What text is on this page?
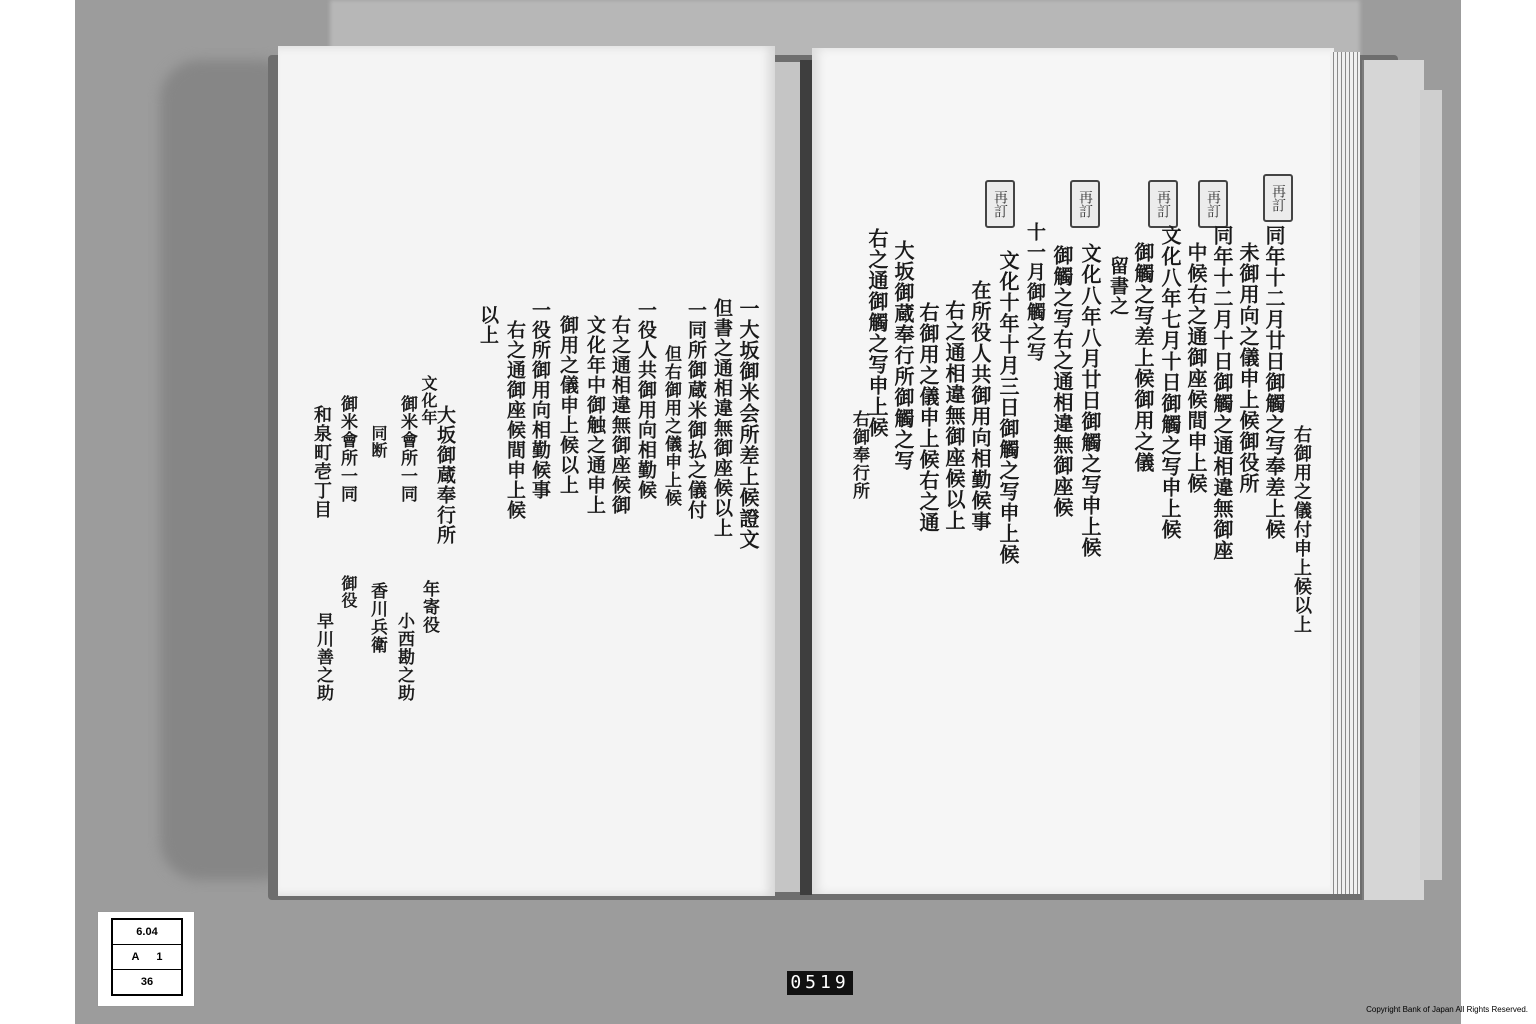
一大坂御米会所差上候證文
但書之通相違無御座候以上
一同所御蔵米御払之儀付
但右御用之儀申上候
一役人共御用向相勤候
右之通相違無御座候御
文化年中御触之通申上
御用之儀申上候以上
一役所御用向相勤候事
右之通御座候間申上候
以上
大坂御蔵奉行所
文化年
御米會所一同
同断
御米會所一同
和泉町壱丁目
年寄役
小西勘之助
香川兵衛
御役
早川善之助
再訂
再訂
再訂
再訂
再訂
右御用之儀付申上候以上
同年十二月廿日御觸之写奉差上候
未御用向之儀申上候御役所
同年十二月十日御觸之通相違無御座
中候右之通御座候間申上候
文化八年七月十日御觸之写申上候
御觸之写差上候御用之儀
留書之
文化八年八月廿日御觸之写申上候
御觸之写右之通相違無御座候
十一月御觸之写
文化十年十月三日御觸之写申上候
在所役人共御用向相勤候事
右之通相違無御座候以上
右御用之儀申上候右之通
大坂御蔵奉行所御觸之写
右之通御觸之写申上候
右御奉行所
6.04
A 1
36	0519
Copyright Bank of Japan All Rights Reserved.
